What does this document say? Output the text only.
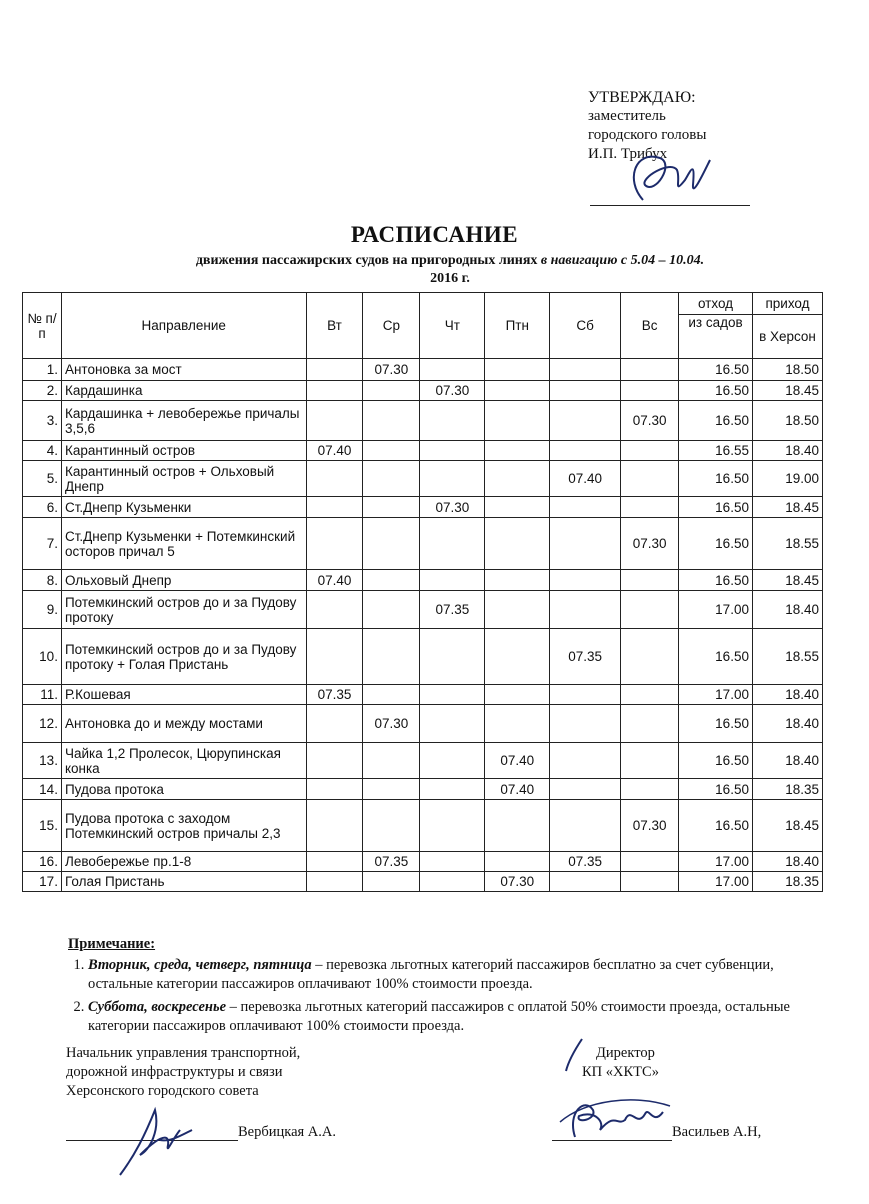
УТВЕРЖДАЮ:
заместитель
городского головы
И.П. Трибух
РАСПИСАНИЕ
движения пассажирских судов на пригородных линях в навигацию с 5.04 – 10.04.
2016 г.
№ п/п	Направление	Вт	Ср	Чт	Птн	Сб	Вс	отход	приход
								из садов	в Херсон
1.	Антоновка за мост		07.30					16.50	18.50
2.	Кардашинка			07.30				16.50	18.45
3.	Кардашинка + левобережье причалы 3,5,6						07.30	16.50	18.50
4.	Карантинный остров	07.40						16.55	18.40
5.	Карантинный остров + Ольховый Днепр					07.40		16.50	19.00
6.	Ст.Днепр Кузьменки			07.30				16.50	18.45
7.	Ст.Днепр Кузьменки + Потемкинский осторов причал 5						07.30	16.50	18.55
8.	Ольховый Днепр	07.40						16.50	18.45
9.	Потемкинский остров до и за Пудову протоку			07.35				17.00	18.40
10.	Потемкинский остров до и за Пудову протоку + Голая Пристань					07.35		16.50	18.55
11.	Р.Кошевая	07.35						17.00	18.40
12.	Антоновка до и между мостами		07.30					16.50	18.40
13.	Чайка 1,2 Пролесок, Цюрупинская конка				07.40			16.50	18.40
14.	Пудова протока				07.40			16.50	18.35
15.	Пудова протока с заходом Потемкинский остров причалы 2,3						07.30	16.50	18.45
16.	Левобережье пр.1-8		07.35			07.35		17.00	18.40
17.	Голая Пристань				07.30			17.00	18.35
Примечание:
1. Вторник, среда, четверг, пятница – перевозка льготных категорий пассажиров бесплатно за счет субвенции, остальные категории пассажиров оплачивают 100% стоимости проезда.
2. Суббота, воскресенье – перевозка льготных категорий пассажиров с оплатой 50% стоимости проезда, остальные категории пассажиров оплачивают 100% стоимости проезда.
Начальник управления транспортной,
дорожной инфраструктуры и связи
Херсонского городского совета
Директор
КП «ХКТС»
Вербицкая А.А.	Васильев А.Н,
